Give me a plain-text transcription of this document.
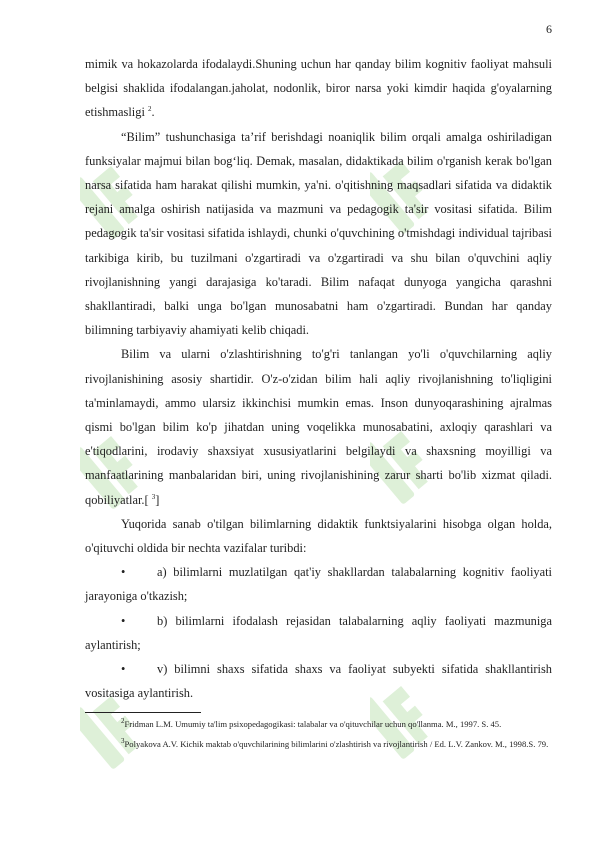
6

mimik va hokazolarda ifodalaydi.Shuning uchun har qanday bilim kognitiv faoliyat mahsuli belgisi shaklida ifodalangan.jaholat, nodonlik, biror narsa yoki kimdir haqida g'oyalarning etishmasligi $^2$.

“Bilim” tushunchasiga ta’rif berishdagi noaniqlik bilim orqali amalga oshiriladigan funksiyalar majmui bilan bog‘liq. Demak, masalan, didaktikada bilim o'rganish kerak bo'lgan narsa sifatida ham harakat qilishi mumkin, ya'ni. o'qitishning maqsadlari sifatida va didaktik rejani amalga oshirish natijasida va mazmuni va pedagogik ta'sir vositasi sifatida. Bilim pedagogik ta'sir vositasi sifatida ishlaydi, chunki o'quvchining o'tmishdagi individual tajribasi tarkibiga kirib, bu tuzilmani o'zgartiradi va o'zgartiradi va shu bilan o'quvchini aqliy rivojlanishning yangi darajasiga ko'taradi. Bilim nafaqat dunyoga yangicha qarashni shakllantiradi, balki unga bo'lgan munosabatni ham o'zgartiradi. Bundan har qanday bilimning tarbiyaviy ahamiyati kelib chiqadi.

Bilim va ularni o'zlashtirishning to'g'ri tanlangan yo'li o'quvchilarning aqliy rivojlanishining asosiy shartidir. O'z-o'zidan bilim hali aqliy rivojlanishning to'liqligini ta'minlamaydi, ammo ularsiz ikkinchisi mumkin emas. Inson dunyoqarashining ajralmas qismi bo'lgan bilim ko'p jihatdan uning voqelikka munosabatini, axloqiy qarashlari va e'tiqodlarini, irodaviy shaxsiyat xususiyatlarini belgilaydi va shaxsning moyilligi va manfaatlarining manbalaridan biri, uning rivojlanishining zarur sharti bo'lib xizmat qiladi. qobiliyatlar.[ $^3$]

Yuqorida sanab o'tilgan bilimlarning didaktik funktsiyalarini hisobga olgan holda, o'qituvchi oldida bir nechta vazifalar turibdi:

•	a) bilimlarni muzlatilgan qat'iy shakllardan talabalarning kognitiv faoliyati jarayoniga o'tkazish;

•	b) bilimlarni ifodalash rejasidan talabalarning aqliy faoliyati mazmuniga aylantirish;

•	v) bilimni shaxs sifatida shaxs va faoliyat subyekti sifatida shakllantirish vositasiga aylantirish.

$^2$Fridman L.M. Umumiy ta'lim psixopedagogikasi: talabalar va o'qituvchilar uchun qo'llanma. M., 1997. S. 45.

$^3$Polyakova A.V. Kichik maktab o'quvchilarining bilimlarini o'zlashtirish va rivojlantirish / Ed. L.V. Zankov. M., 1998.S. 79.
